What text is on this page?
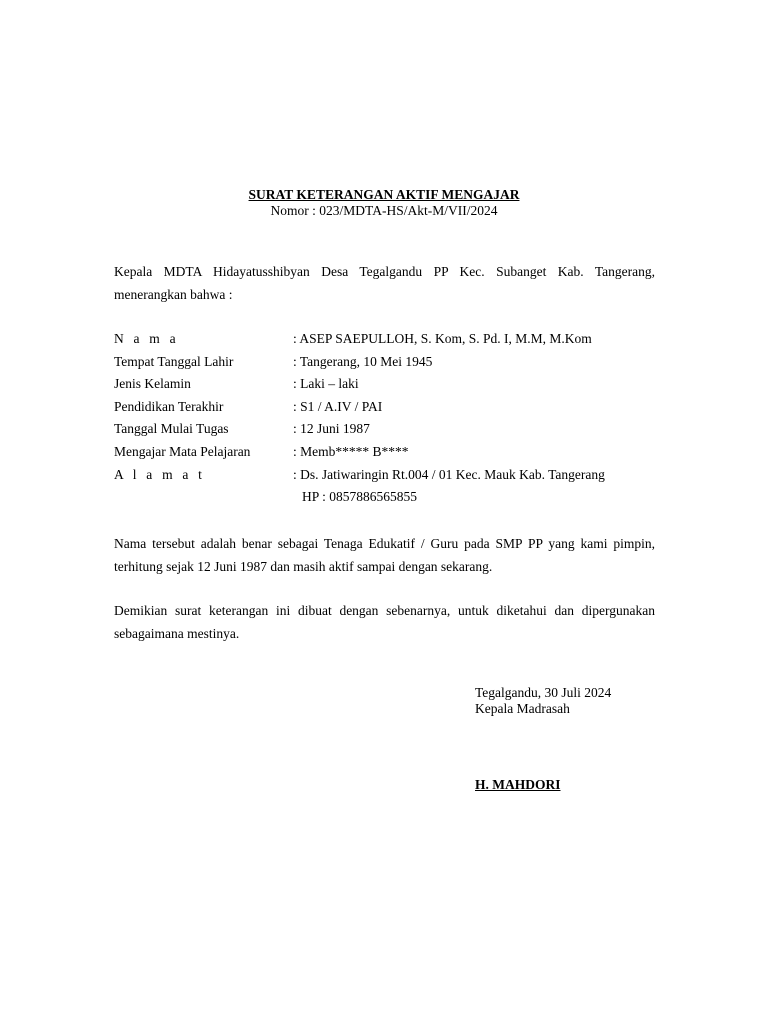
SURAT KETERANGAN AKTIF MENGAJAR
Nomor : 023/MDTA-HS/Akt-M/VII/2024

Kepala MDTA Hidayatusshibyan Desa Tegalgandu PP Kec. Subanget Kab. Tangerang, menerangkan bahwa :

N a m a	: ASEP SAEPULLOH, S. Kom, S. Pd. I, M.M, M.Kom
Tempat Tanggal Lahir	: Tangerang, 10 Mei 1945
Jenis Kelamin	: Laki – laki
Pendidikan Terakhir	: S1 / A.IV / PAI
Tanggal Mulai Tugas	: 12 Juni 1987
Mengajar Mata Pelajaran	: Memb***** B****
A l a m a t	: Ds. Jatiwaringin Rt.004 / 01 Kec. Mauk Kab. Tangerang
HP : 0857886565855

Nama tersebut adalah benar sebagai Tenaga Edukatif / Guru pada SMP PP yang kami pimpin, terhitung sejak 12 Juni 1987 dan masih aktif sampai dengan sekarang.

Demikian surat keterangan ini dibuat dengan sebenarnya, untuk diketahui dan dipergunakan sebagaimana mestinya.

Tegalgandu, 30 Juli 2024
Kepala Madrasah
H. MAHDORI
